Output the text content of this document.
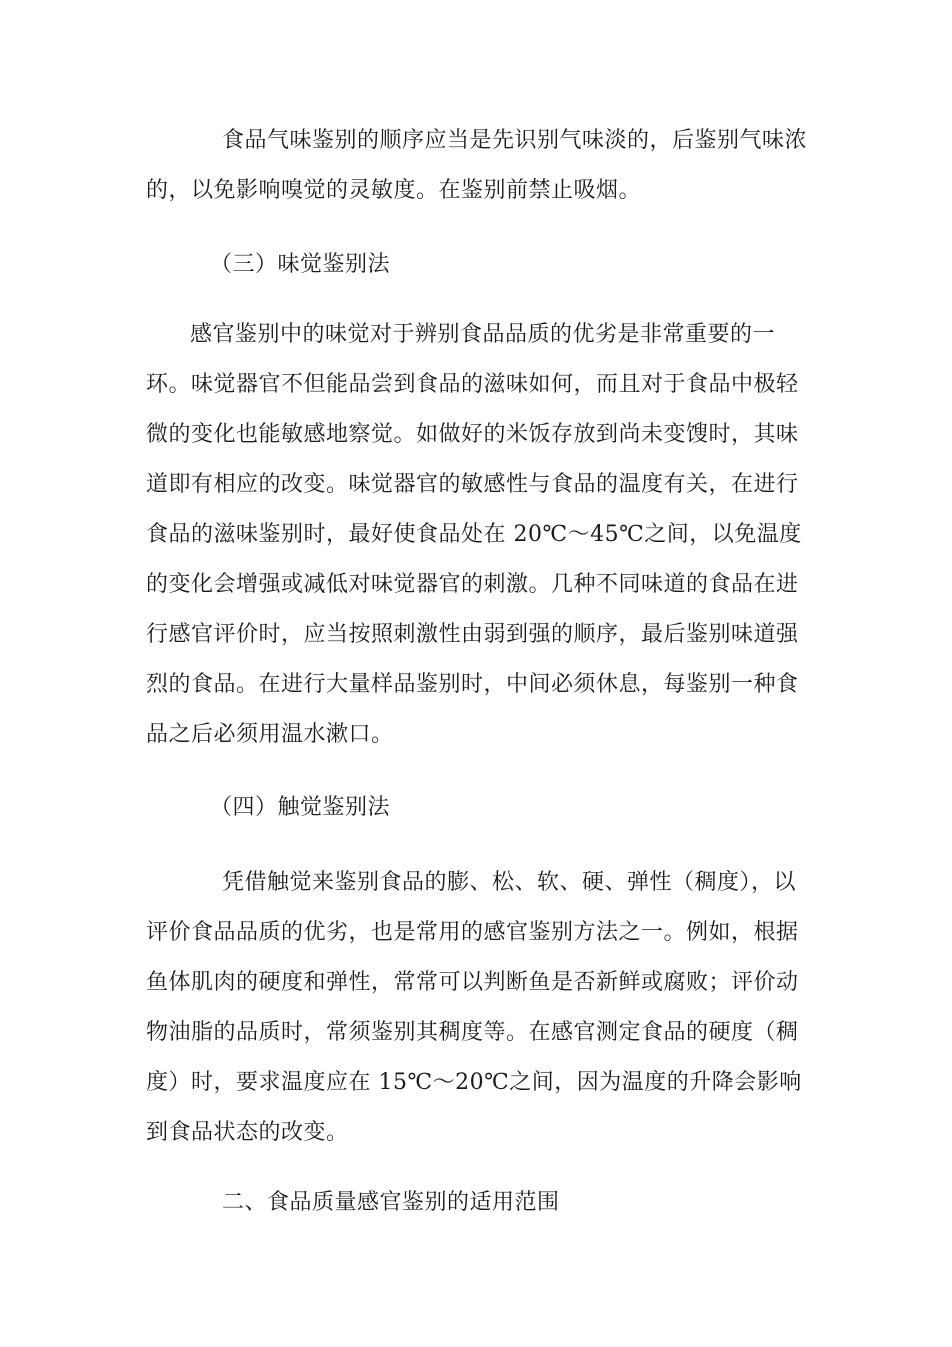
食品气味鉴别的顺序应当是先识别气味淡的，后鉴别气味浓的，以免影响嗅觉的灵敏度。在鉴别前禁止吸烟。

（三）味觉鉴别法

感官鉴别中的味觉对于辨别食品品质的优劣是非常重要的一环。味觉器官不但能品尝到食品的滋味如何，而且对于食品中极轻微的变化也能敏感地察觉。如做好的米饭存放到尚未变馊时，其味道即有相应的改变。味觉器官的敏感性与食品的温度有关，在进行食品的滋味鉴别时，最好使食品处在 20℃～45℃之间，以免温度的变化会增强或减低对味觉器官的刺激。几种不同味道的食品在进行感官评价时，应当按照刺激性由弱到强的顺序，最后鉴别味道强烈的食品。在进行大量样品鉴别时，中间必须休息，每鉴别一种食品之后必须用温水漱口。

（四）触觉鉴别法

凭借触觉来鉴别食品的膨、松、软、硬、弹性（稠度），以评价食品品质的优劣，也是常用的感官鉴别方法之一。例如，根据鱼体肌肉的硬度和弹性，常常可以判断鱼是否新鲜或腐败；评价动物油脂的品质时，常须鉴别其稠度等。在感官测定食品的硬度（稠度）时，要求温度应在 15℃～20℃之间，因为温度的升降会影响到食品状态的改变。

二、食品质量感官鉴别的适用范围
